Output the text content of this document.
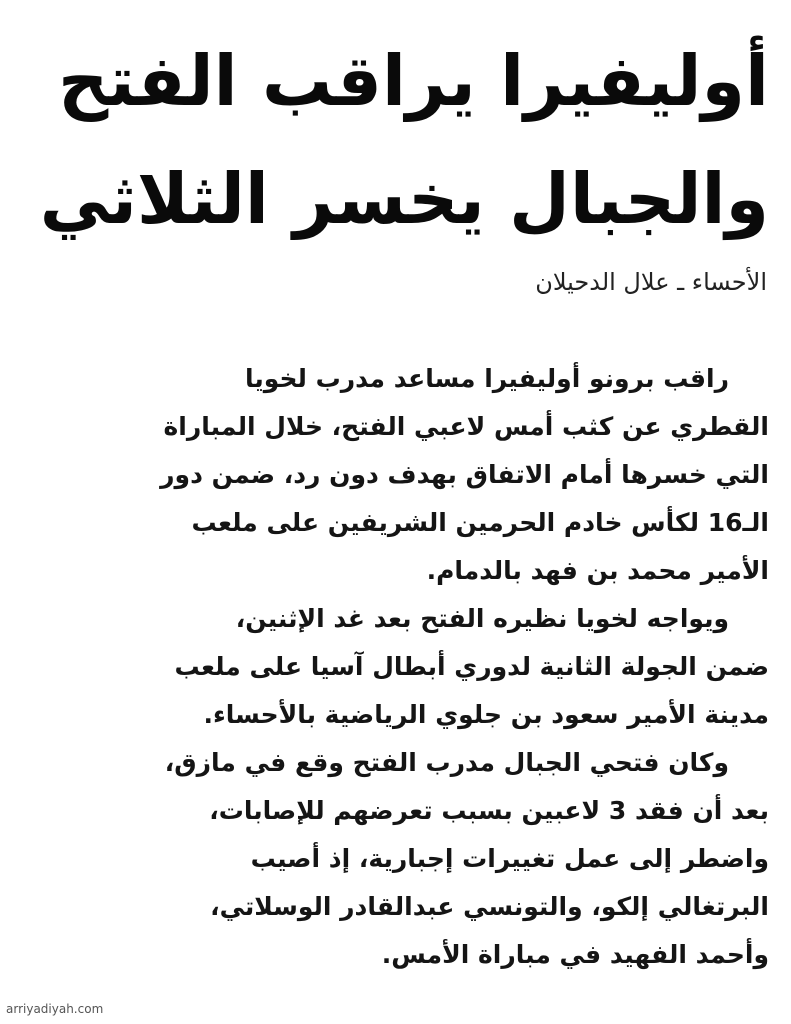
أوليفيرا يراقب الفتح
والجبال يخسر الثلاثي
الأحساء ـ علال الدحيلان
راقب برونو أوليفيرا مساعد مدرب لخويا
القطري عن كثب أمس لاعبي الفتح، خلال المباراة
التي خسرها أمام الاتفاق بهدف دون رد، ضمن دور
الـ16 لكأس خادم الحرمين الشريفين على ملعب
الأمير محمد بن فهد بالدمام.
ويواجه لخويا نظيره الفتح بعد غد الإثنين،
ضمن الجولة الثانية لدوري أبطال آسيا على ملعب
مدينة الأمير سعود بن جلوي الرياضية بالأحساء.
وكان فتحي الجبال مدرب الفتح وقع في مازق،
بعد أن فقد 3 لاعبين بسبب تعرضهم للإصابات،
واضطر إلى عمل تغييرات إجبارية، إذ أصيب
البرتغالي إلكو، والتونسي عبدالقادر الوسلاتي،
وأحمد الفهيد في مباراة الأمس.
arriyadiyah.com
